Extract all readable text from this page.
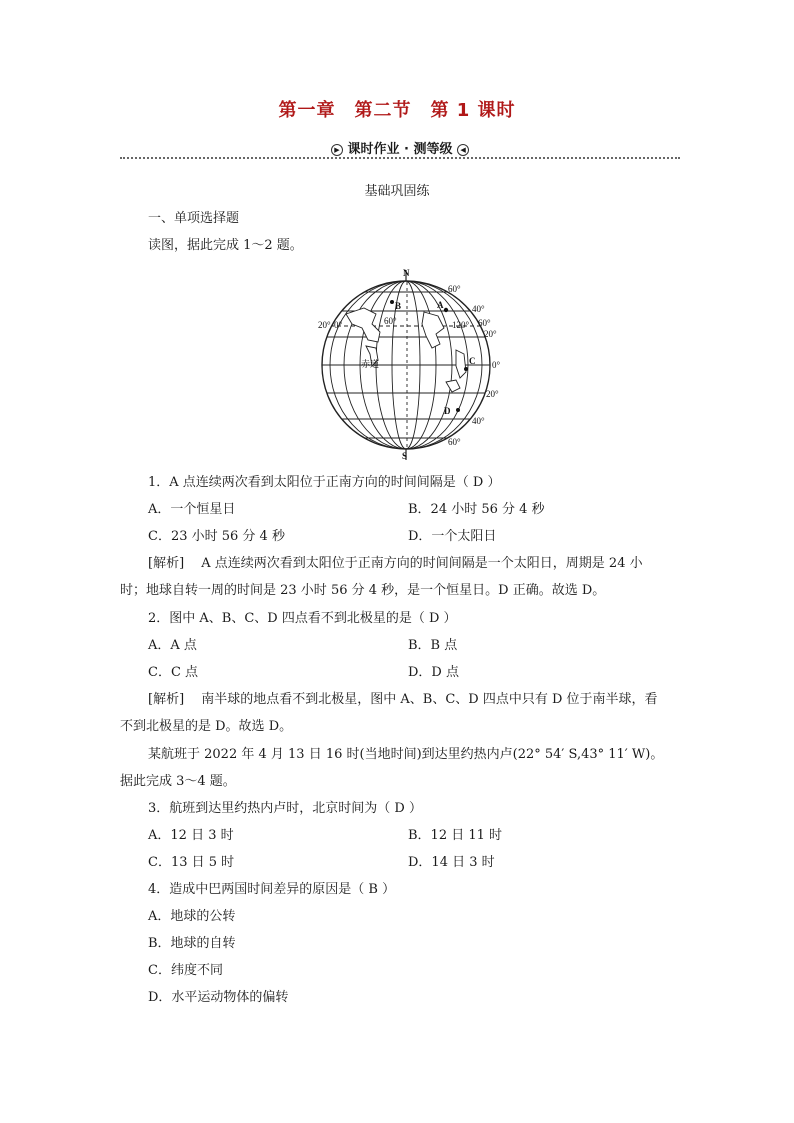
第一章　第二节　第 1 课时
▶ 课时作业 · 测等级 ◀
基础巩固练
一、单项选择题
读图，据此完成 1～2 题。
N
S
A
B
C
D
赤道
60°
40°
60°
20°
20° 0°	60°	120°
0°
20°
40°
60°
1．A 点连续两次看到太阳位于正南方向的时间间隔是（ D ）
A．一个恒星日	B．24 小时 56 分 4 秒
C．23 小时 56 分 4 秒	D．一个太阳日
[解析]　 A 点连续两次看到太阳位于正南方向的时间间隔是一个太阳日，周期是 24 小
时；地球自转一周的时间是 23 小时 56 分 4 秒，是一个恒星日。D 正确。故选 D。
2．图中 A、B、C、D 四点看不到北极星的是（ D ）
A．A 点	B．B 点
C．C 点	D．D 点
[解析]　 南半球的地点看不到北极星，图中 A、B、C、D 四点中只有 D 位于南半球，看
不到北极星的是 D。故选 D。
某航班于 2022 年 4 月 13 日 16 时(当地时间)到达里约热内卢(22° 54′ S,43° 11′ W)。
据此完成 3～4 题。
3．航班到达里约热内卢时，北京时间为（ D ）
A．12 日 3 时	B．12 日 11 时
C．13 日 5 时	D．14 日 3 时
4．造成中巴两国时间差异的原因是（ B ）
A．地球的公转
B．地球的自转
C．纬度不同
D．水平运动物体的偏转
